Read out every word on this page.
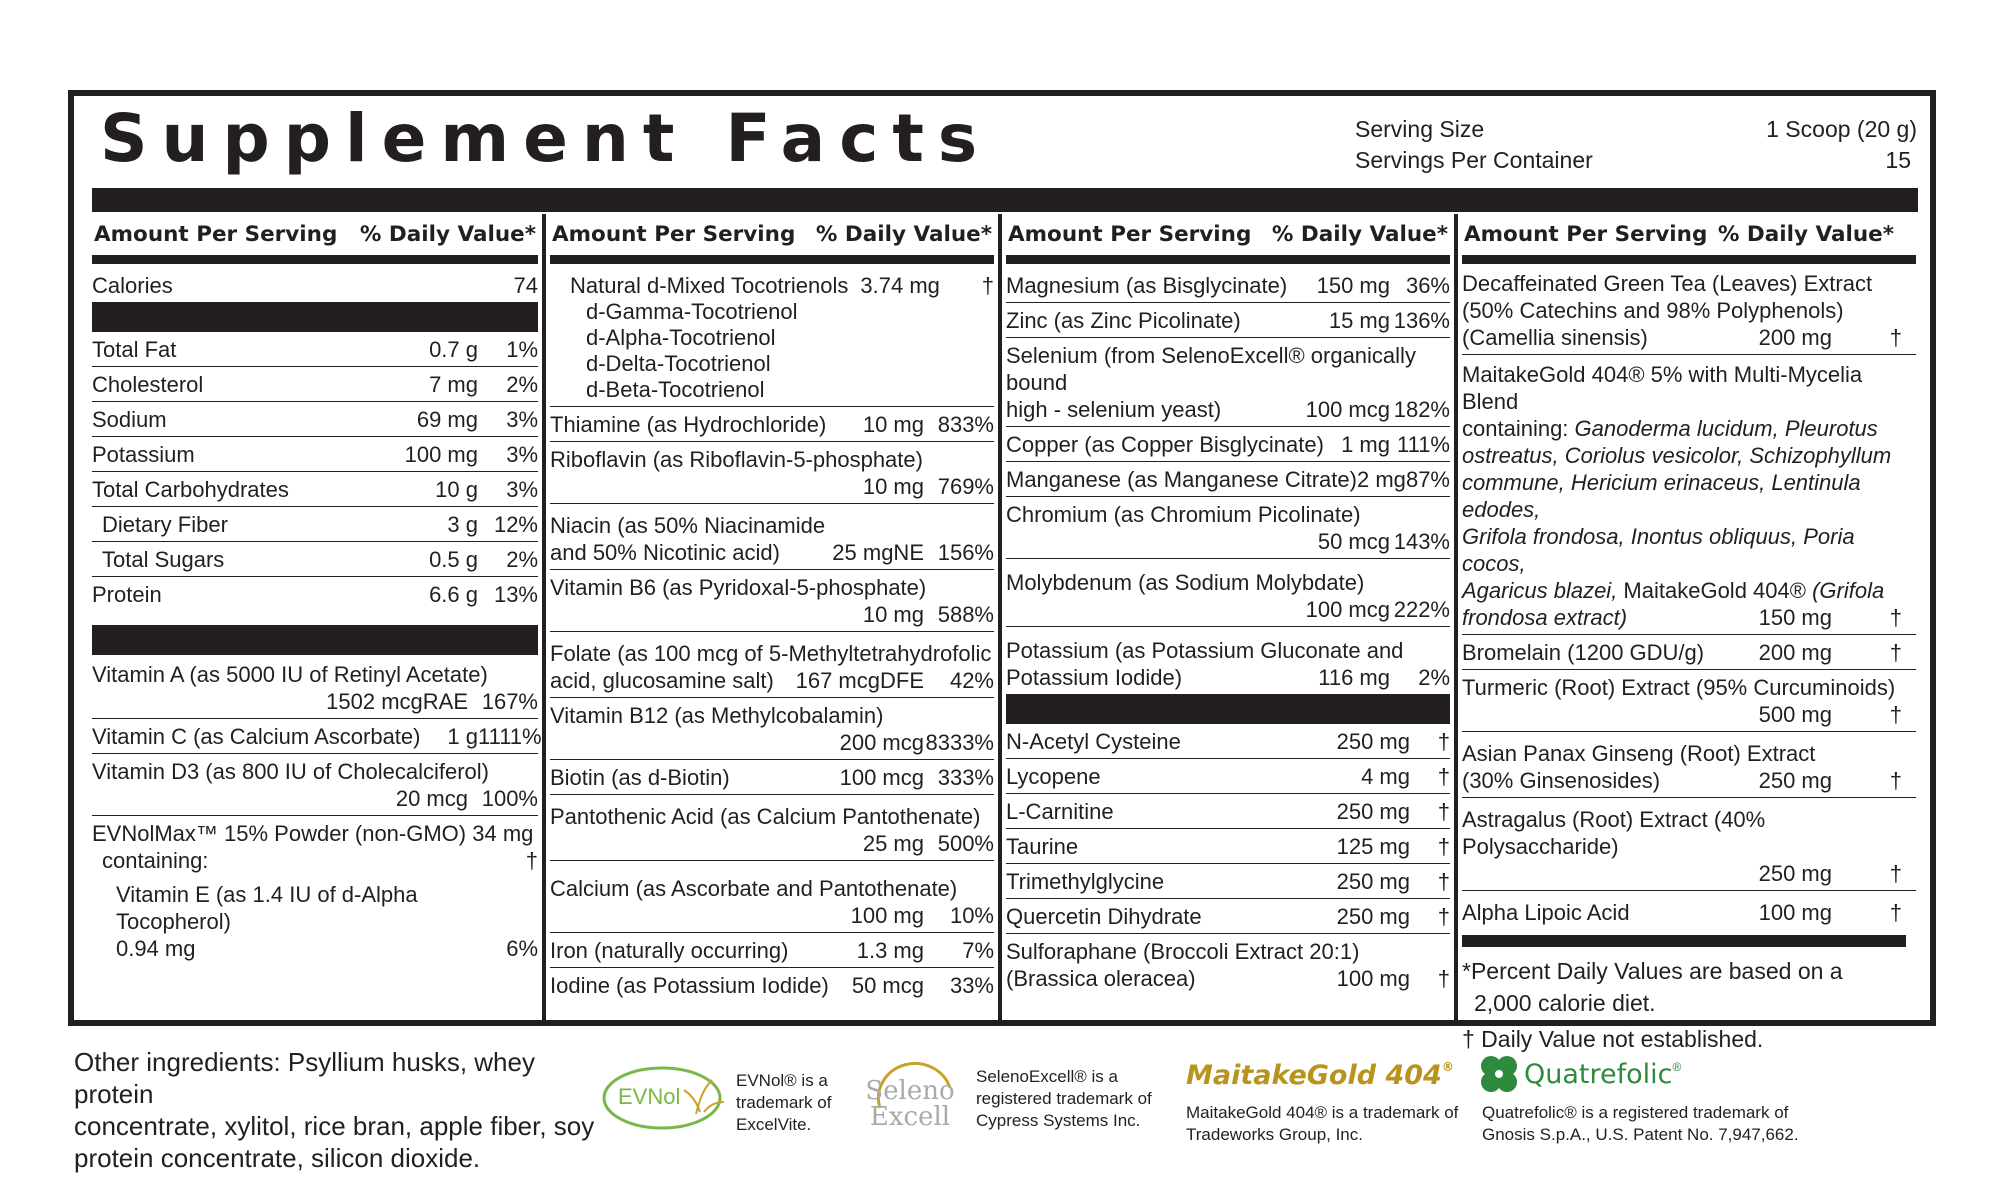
Supplement Facts	Serving Size	1 Scoop (20 g)
Servings Per Container	15
Amount Per Serving % Daily Value*
Calories	74
Total Fat	0.7 g	1%
Cholesterol	7 mg	2%
Sodium	69 mg	3%
Potassium	100 mg	3%
Total Carbohydrates	10 g	3%
Dietary Fiber	3 g 12%
Total Sugars	0.5 g	2%
Protein	6.6 g 13%
Vitamin A (as 5000 IU of Retinyl Acetate)
1502 mcgRAE 167%
Vitamin C (as Calcium Ascorbate)	1 g 1111%
Vitamin D3 (as 800 IU of Cholecalciferol)
20 mcg 100%
EVNolMax™ 15% Powder (non-GMO) 34 mg
containing:	†
Vitamin E (as 1.4 IU of d-Alpha Tocopherol)
0.94 mg	6%
Amount Per Serving % Daily Value*
Natural d-Mixed Tocotrienols 3.74 mg †
d-Gamma-Tocotrienol
d-Alpha-Tocotrienol
d-Delta-Tocotrienol
d-Beta-Tocotrienol
Thiamine (as Hydrochloride)	10 mg 833%
Riboflavin (as Riboflavin-5-phosphate)
10 mg 769%
Niacin (as 50% Niacinamide
and 50% Nicotinic acid) 25 mgNE 156%
Vitamin B6 (as Pyridoxal-5-phosphate)
10 mg 588%
Folate (as 100 mcg of 5-Methyltetrahydrofolic
acid, glucosamine salt) 167 mcgDFE	42%
Vitamin B12 (as Methylcobalamin)
200 mcg 8333%
Biotin (as d-Biotin)	100 mcg 333%
Pantothenic Acid (as Calcium Pantothenate)
25 mg 500%
Calcium (as Ascorbate and Pantothenate)
100 mg	10%
Iron (naturally occurring)	1.3 mg	7%
Iodine (as Potassium Iodide)	50 mcg	33%
Amount Per Serving % Daily Value*
Magnesium (as Bisglycinate)	150 mg 36%
Zinc (as Zinc Picolinate)	15 mg 136%
Selenium (from SelenoExcell® organically bound
high - selenium yeast)	100 mcg 182%
Copper (as Copper Bisglycinate) 1 mg 111%
Manganese (as Manganese Citrate) 2 mg 87%
Chromium (as Chromium Picolinate)
50 mcg 143%
Molybdenum (as Sodium Molybdate)
100 mcg 222%
Potassium (as Potassium Gluconate and
Potassium Iodide)	116 mg	2%
N-Acetyl Cysteine	250 mg	†
Lycopene	4 mg	†
L-Carnitine	250 mg	†
Taurine	125 mg	†
Trimethylglycine	250 mg	†
Quercetin Dihydrate	250 mg	†
Sulforaphane (Broccoli Extract 20:1)
(Brassica oleracea)	100 mg	†
Amount Per Serving % Daily Value*
Decaffeinated Green Tea (Leaves) Extract
(50% Catechins and 98% Polyphenols)
(Camellia sinensis)	200 mg	†
MaitakeGold 404® 5% with Multi-Mycelia Blend
containing: Ganoderma lucidum, Pleurotus
ostreatus, Coriolus vesicolor, Schizophyllum
commune, Hericium erinaceus, Lentinula edodes,
Grifola frondosa, Inontus obliquus, Poria cocos,
Agaricus blazei, MaitakeGold 404® (Grifola
frondosa extract)	150 mg	†
Bromelain (1200 GDU/g)	200 mg	†
Turmeric (Root) Extract (95% Curcuminoids)
500 mg	†
Asian Panax Ginseng (Root) Extract
(30% Ginsenosides)	250 mg	†
Astragalus (Root) Extract (40% Polysaccharide)
250 mg	†
Alpha Lipoic Acid	100 mg	†
*Percent Daily Values are based on a
2,000 calorie diet.
† Daily Value not established.
Other ingredients: Psyllium husks, whey protein
concentrate, xylitol, rice bran, apple fiber, soy
protein concentrate, silicon dioxide.
EVNol
EVNol® is a
trademark of
ExcelVite.
Seleno
Excell
SelenoExcell® is a
registered trademark of
Cypress Systems Inc.
MaitakeGold 404®
MaitakeGold 404® is a trademark of
Tradeworks Group, Inc.
Quatrefolic ®
Quatrefolic® is a registered trademark of
Gnosis S.p.A., U.S. Patent No. 7,947,662.
